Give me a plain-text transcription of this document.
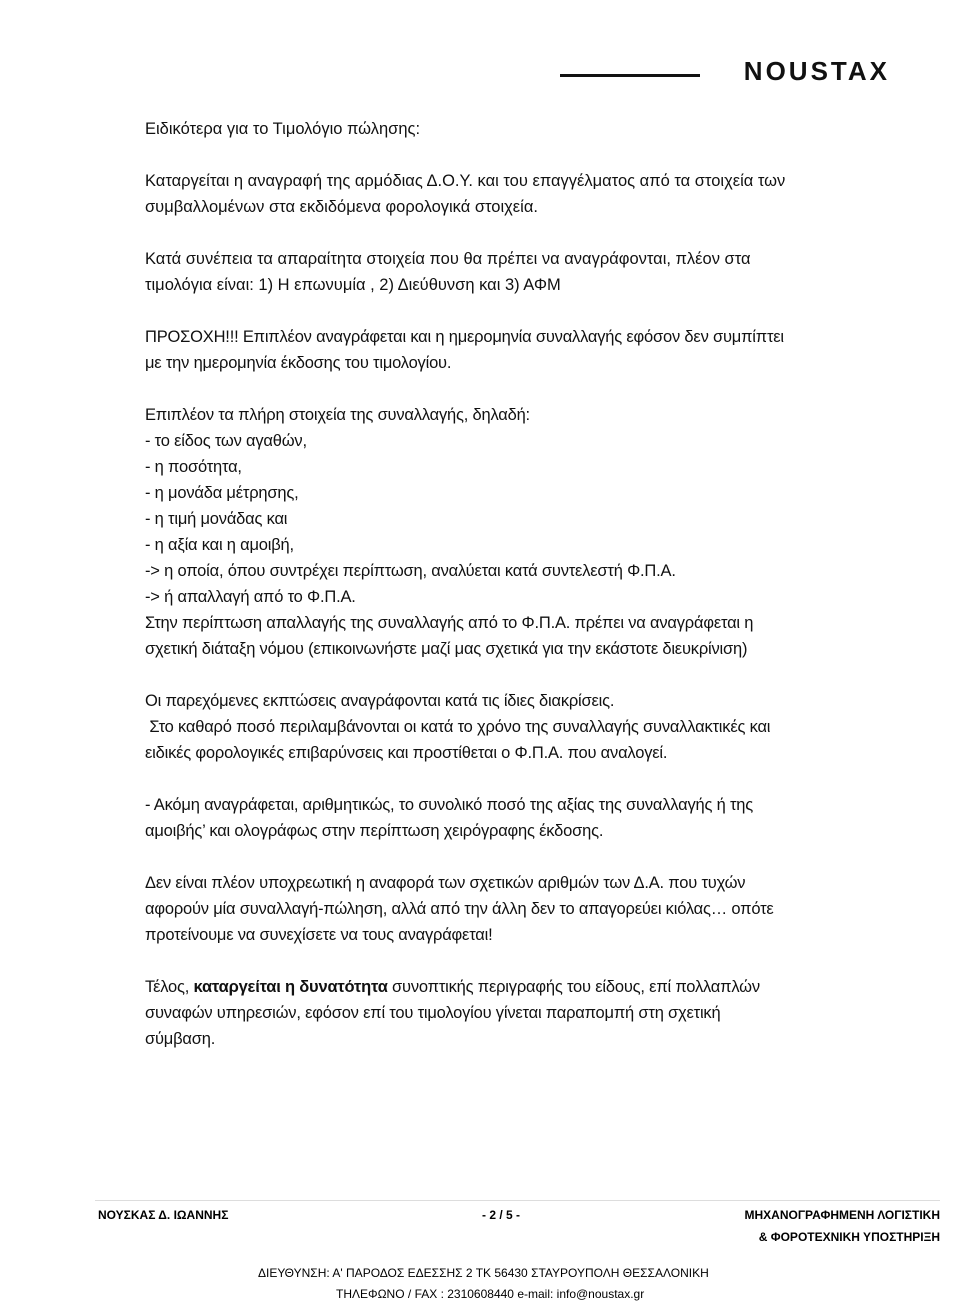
NOUSTAX

Ειδικότερα για το Τιμολόγιο πώλησης:

Καταργείται η αναγραφή της αρμόδιας Δ.Ο.Υ. και του επαγγέλματος από τα στοιχεία των

συμβαλλομένων στα εκδιδόμενα φορολογικά στοιχεία.

Κατά συνέπεια τα απαραίτητα στοιχεία που θα πρέπει να αναγράφονται, πλέον στα

τιμολόγια είναι: 1) Η επωνυμία , 2) Διεύθυνση και 3) ΑΦΜ

ΠΡΟΣΟΧΗ!!! Επιπλέον αναγράφεται και η ημερομηνία συναλλαγής εφόσον δεν συμπίπτει

με την ημερομηνία έκδοσης του τιμολογίου.

Επιπλέον τα πλήρη στοιχεία της συναλλαγής, δηλαδή:

- το είδος των αγαθών,

- η ποσότητα,

- η μονάδα μέτρησης,

- η τιμή μονάδας και

- η αξία και η αμοιβή,

-> η οποία, όπου συντρέχει περίπτωση, αναλύεται κατά συντελεστή Φ.Π.Α.

-> ή απαλλαγή από το Φ.Π.Α.

Στην περίπτωση απαλλαγής της συναλλαγής από το Φ.Π.Α. πρέπει να αναγράφεται η

σχετική διάταξη νόμου (επικοινωνήστε μαζί μας σχετικά για την εκάστοτε διευκρίνιση)

Οι παρεχόμενες εκπτώσεις αναγράφονται κατά τις ίδιες διακρίσεις.

Στο καθαρό ποσό περιλαμβάνονται οι κατά το χρόνο της συναλλαγής συναλλακτικές και

ειδικές φορολογικές επιβαρύνσεις και προστίθεται ο Φ.Π.Α. που αναλογεί.

- Ακόμη αναγράφεται, αριθμητικώς, το συνολικό ποσό της αξίας της συναλλαγής ή της

αμοιβής’ και ολογράφως στην περίπτωση χειρόγραφης έκδοσης.

Δεν είναι πλέον υποχρεωτική η αναφορά των σχετικών αριθμών των Δ.Α. που τυχών

αφορούν μία συναλλαγή-πώληση, αλλά από την άλλη δεν το απαγορεύει κιόλας… οπότε

προτείνουμε να συνεχίσετε να τους αναγράφεται!

Τέλος, καταργείται η δυνατότητα συνοπτικής περιγραφής του είδους, επί πολλαπλών

συναφών υπηρεσιών, εφόσον επί του τιμολογίου γίνεται παραπομπή στη σχετική

σύμβαση.

ΝΟΥΣΚΑΣ Δ. ΙΩΑΝΝΗΣ	- 2 / 5 -	ΜΗΧΑΝΟΓΡΑΦΗΜΕΝΗ ΛΟΓΙΣΤΙΚΗ
& ΦΟΡΟΤΕΧΝΙΚΗ ΥΠΟΣΤΗΡΙΞΗ
ΔΙΕΥΘΥΝΣΗ: Α' ΠΑΡΟΔΟΣ ΕΔΕΣΣΗΣ 2 ΤΚ 56430 ΣΤΑΥΡΟΥΠΟΛΗ ΘΕΣΣΑΛΟΝΙΚΗ
ΤΗΛΕΦΩΝΟ / FAX : 2310608440 e-mail: info@noustax.gr
